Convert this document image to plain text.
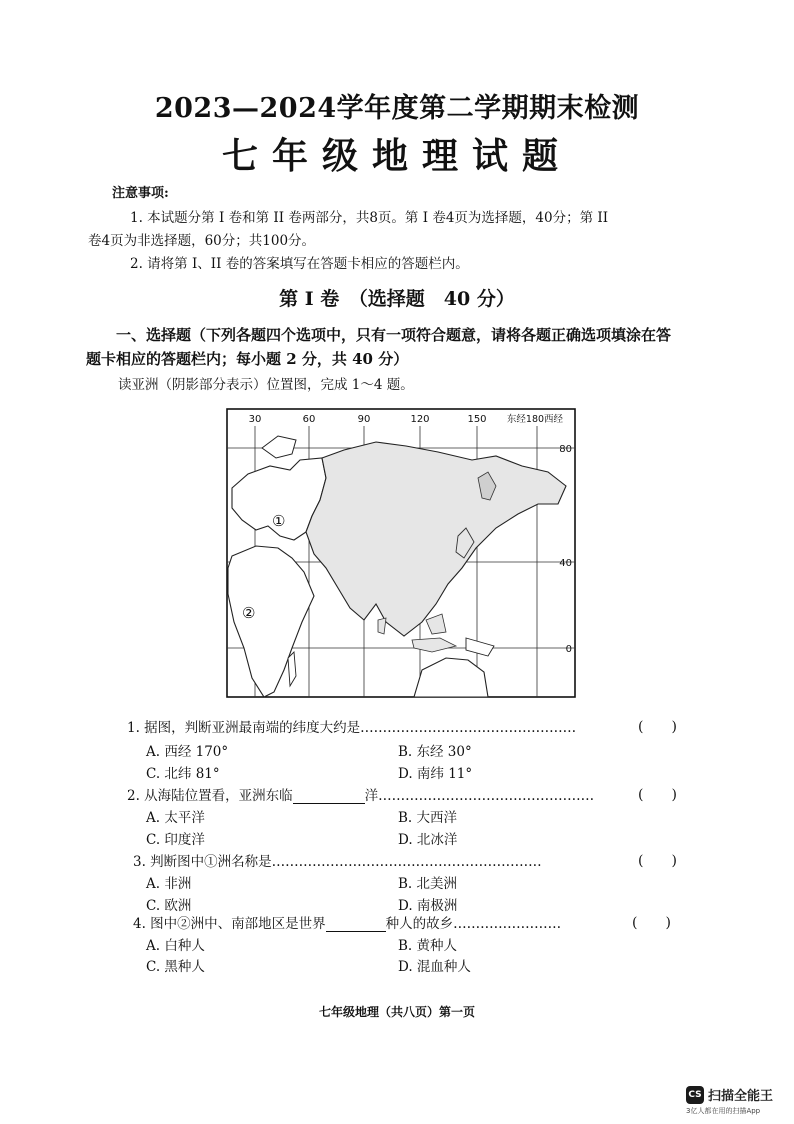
2023—2024学年度第二学期期末检测
七年级地理试题
注意事项:
1. 本试题分第 I 卷和第 II 卷两部分，共8页。第 I 卷4页为选择题，40分；第 II
卷4页为非选择题，60分；共100分。
2. 请将第 I、II 卷的答案填写在答题卡相应的答题栏内。
第 I 卷　（选择题　40 分）
一、选择题（下列各题四个选项中，只有一项符合题意，请将各题正确选项填涂在答
题卡相应的答题栏内；每小题 2 分，共 40 分）
读亚洲（阴影部分表示）位置图，完成 1～4 题。
30	60	90	120	150 东经180西经
80
40
0
①
②
1. 据图，判断亚洲最南端的纬度大约是…………………………………………	(　　)
A. 西经 170°	B. 东经 30°
C. 北纬 81°	D. 南纬 11°
2. 从海陆位置看，亚洲东临	洋…………………………………………	(　　)
A. 太平洋	B. 大西洋
C. 印度洋	D. 北冰洋
3. 判断图中①洲名称是……………………………………………………	(　　)
A. 非洲	B. 北美洲
C. 欧洲	D. 南极洲
4. 图中②洲中、南部地区是世界	种人的故乡……………………	(　　)
A. 白种人	B. 黄种人
C. 黑种人	D. 混血种人
七年级地理（共八页）第一页
CS 扫描全能王
3亿人都在用的扫描App
